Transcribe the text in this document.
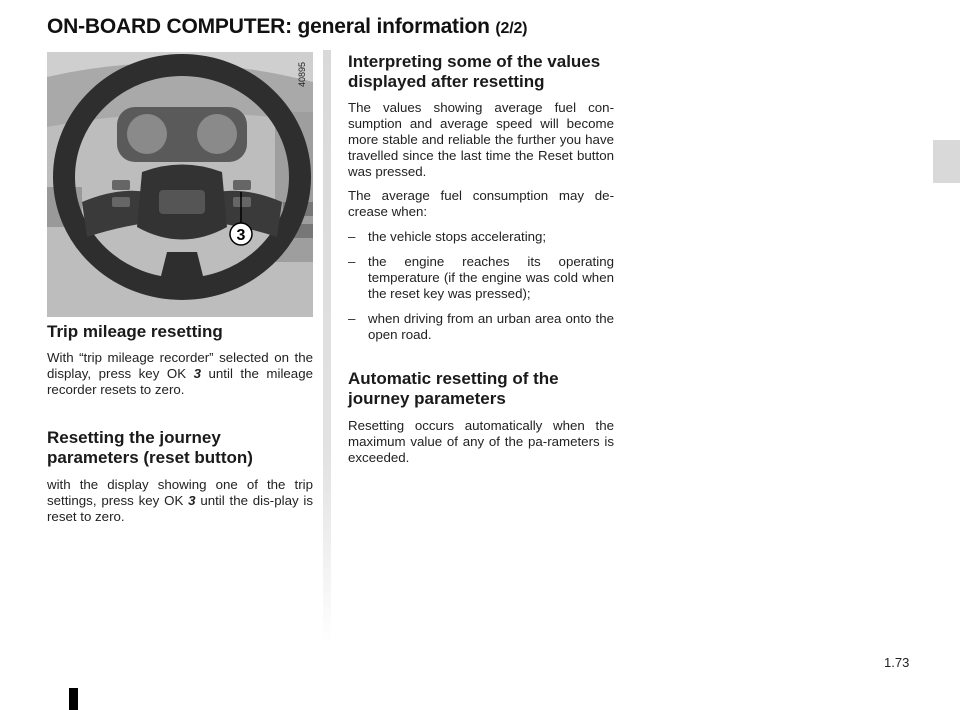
ON-BOARD COMPUTER: general information (2/2)
3
40895
Trip mileage resetting

With “trip mileage recorder” selected on the display, press key OK 3 until the mileage recorder resets to zero.

Resetting the journey parameters (reset button)

with the display showing one of the trip settings, press key OK 3 until the dis-play is reset to zero.

Interpreting some of the values displayed after resetting

The values showing average fuel con-sumption and average speed will become more stable and reliable the further you have travelled since the last time the Reset button was pressed.

The average fuel consumption may de-crease when:

– the vehicle stops accelerating;
– the engine reaches its operating temperature (if the engine was cold when the reset key was pressed);
– when driving from an urban area onto the open road.
Automatic resetting of the journey parameters

Resetting occurs automatically when the maximum value of any of the pa-rameters is exceeded.

1.73
